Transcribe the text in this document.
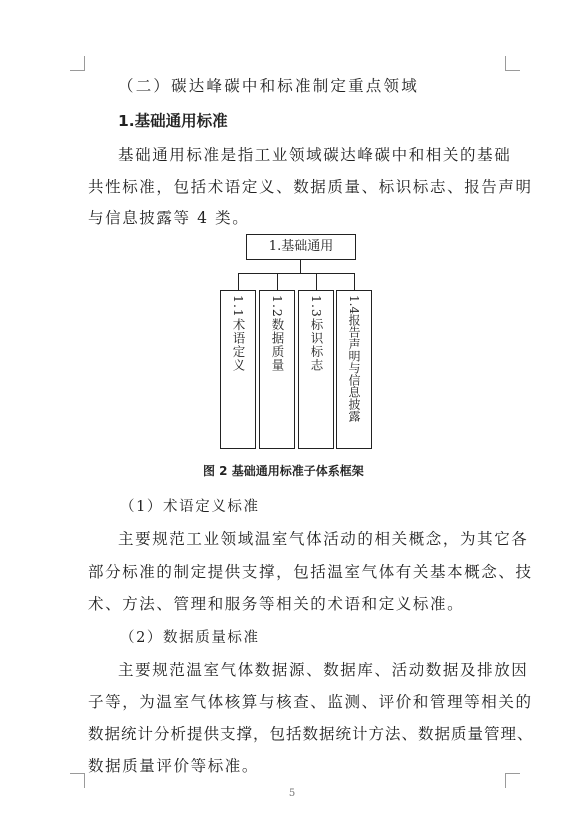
（二）碳达峰碳中和标准制定重点领域
1.基础通用标准
基础通用标准是指工业领域碳达峰碳中和相关的基础
共性标准，包括术语定义、数据质量、标识标志、报告声明
与信息披露等 4 类。
1.基础通用
1.1术语定义	1.2数据质量	1.3标识标志	1.4报告声明与信息披露
图 2 基础通用标准子体系框架
（1）术语定义标准
主要规范工业领域温室气体活动的相关概念，为其它各
部分标准的制定提供支撑，包括温室气体有关基本概念、技
术、方法、管理和服务等相关的术语和定义标准。
（2）数据质量标准
主要规范温室气体数据源、数据库、活动数据及排放因
子等，为温室气体核算与核查、监测、评价和管理等相关的
数据统计分析提供支撑，包括数据统计方法、数据质量管理、
数据质量评价等标准。
5
